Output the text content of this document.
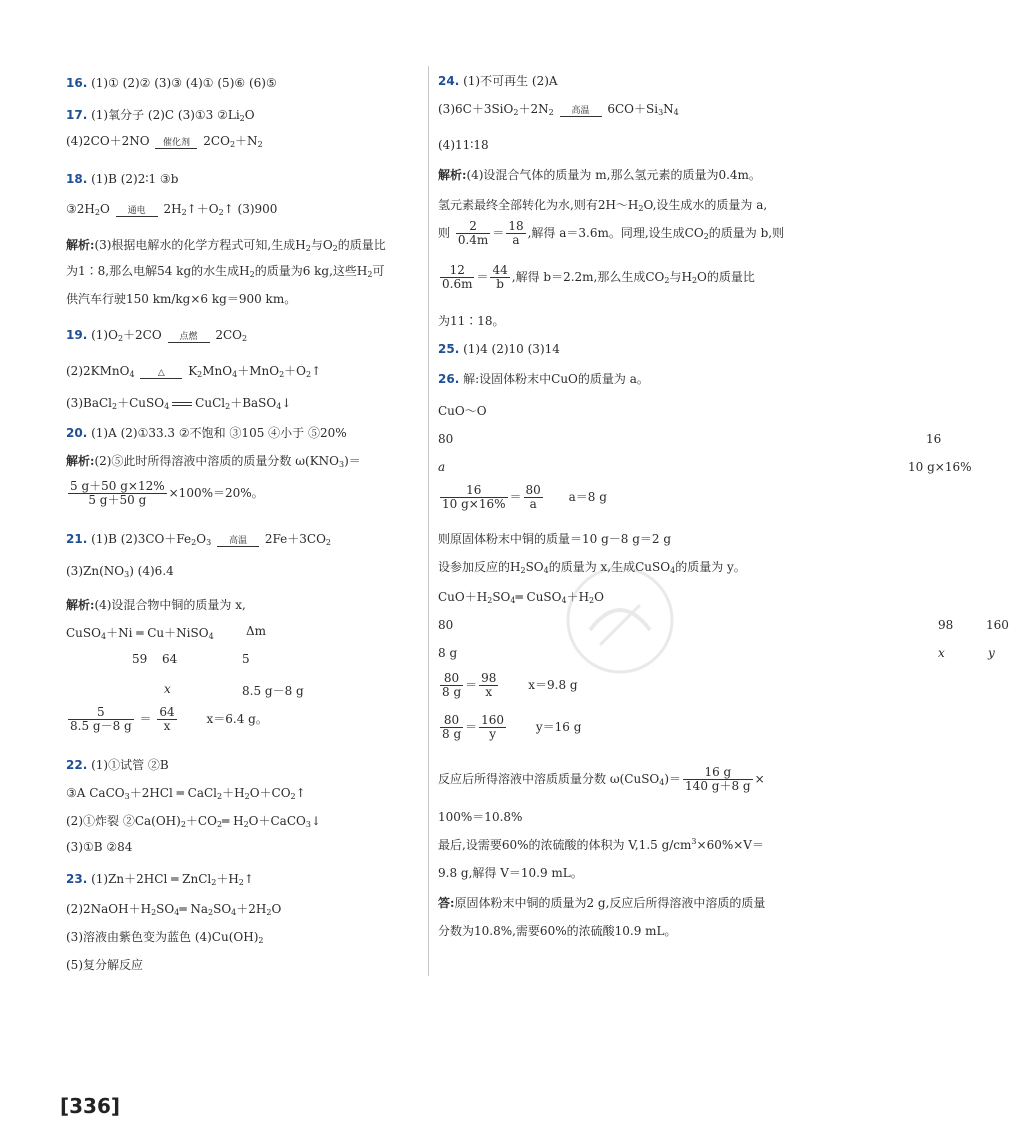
16. (1)① (2)② (3)③ (4)① (5)⑥ (6)⑤
17. (1)氧分子 (2)C (3)①3 $②Li_2O$
(4)2CO＋2NO	催化剂	$2CO_2+N_2$
18. (1)B (2)2∶1 ③b
$③2H_2O$	通电	$2H_2↑+O_2↑$ (3)900
解析:(3)根据电解水的化学方程式可知,生成$H_2$与$O_2$的质量比
为1∶8,那么电解54 kg的水生成$H_2$的质量为6 kg,这些$H_2$可
供汽车行驶150 km/kg×6 kg＝900 km。
19. $(1)O_2+2CO$	点燃	$2CO_2$
(2)2KMnO$_4$	△	$K_2MnO_4+MnO_2+O_2↑$
(3)BaCl$_2$＋CuSO$_4$ CuCl$_2$＋BaSO$_4$↓
20. (1)A (2)①33.3 ②不饱和 ③105 ④小于 ⑤20%
解析:(2)⑤此时所得溶液中溶质的质量分数 $\omega(KNO_3)=$
$\frac{5 g+50 g\times 12\%}{5 g+50 g} \times 100\%=20\%$。
21. (1)B $(2)3CO+Fe_2O_3$	高温	$2Fe+3CO_2$
$(3)Zn(NO_3)$ (4)6.4
解析:(4)设混合物中铜的质量为 x,
CuSO$_4$＋Ni ═ Cu＋NiSO$_4$	Δm
59 64	5
x	8.5 g－8 g
$\frac{5}{8.5 g-8 g} = \frac{64}{x} x=6.4$ g。
22. (1)①试管 ②B
③A CaCO$_3$＋2HCl ═ $CaCl_2+H_2O+CO_2↑$
(2)①炸裂 $②Ca(OH)_2+CO_2═$ $H_2O+CaCO_3↓$
(3)①B ②84
23. (1)Zn＋2HCl ═ $ZnCl_2+H_2↑$
$(2)2NaOH+H_2SO_4═$ $Na_2SO_4+2H_2O$
(3)溶液由紫色变为蓝色 $(4)Cu(OH)_2$
(5)复分解反应
24. (1)不可再生 (2)A
$(3)6C+3SiO_2+2N_2$	高温	$6CO+Si_3N_4$
(4)11∶18
解析:(4)设混合气体的质量为 m,那么氢元素的质量为0.4m。
氢元素最终全部转化为水,则有$2H\sim H_2O$,设生成水的质量为 a,
则 $\frac{2}{0.4m} = \frac{18}{a}$ ,解得 a＝3.6m。同理,设生成$CO_2$的质量为 b,则
$\frac{12}{0.6m} = \frac{44}{b}$ ,解得 b＝2.2m,那么生成$CO_2$与$H_2O$的质量比
为11∶18。
25. (1)4 (2)10 (3)14
26. 解:设固体粉末中CuO的质量为 a。
CuO～O
80	16
a	10 g×16%
$\frac{16}{10 g\times 16\%} = \frac{80}{a} a=8$ g
则原固体粉末中铜的质量＝10 g－8 g＝2 g
设参加反应的$H_2SO_4$的质量为 x,生成CuSO$_4$的质量为 y。
$CuO+H_2SO_4═$ $CuSO_4+H_2O$
80	98	160
8 g	x	y
$\frac{80}{8 g} = \frac{98}{x} x=9.8$ g
$\frac{80}{8 g} = \frac{160}{y} y=16$ g
反应后所得溶液中溶质质量分数 ω(CuSO$_4$)＝ $\frac{16 g}{140 g+8 g}$ ×
100%＝10.8%
最后,设需要60%的浓硫酸的体积为 V,1.5 $g/cm^3\times 60\%\times V=$
9.8 g,解得 V＝10.9 mL。
答:原固体粉末中铜的质量为2 g,反应后所得溶液中溶质的质量
分数为10.8%,需要60%的浓硫酸10.9 mL。
[336]
